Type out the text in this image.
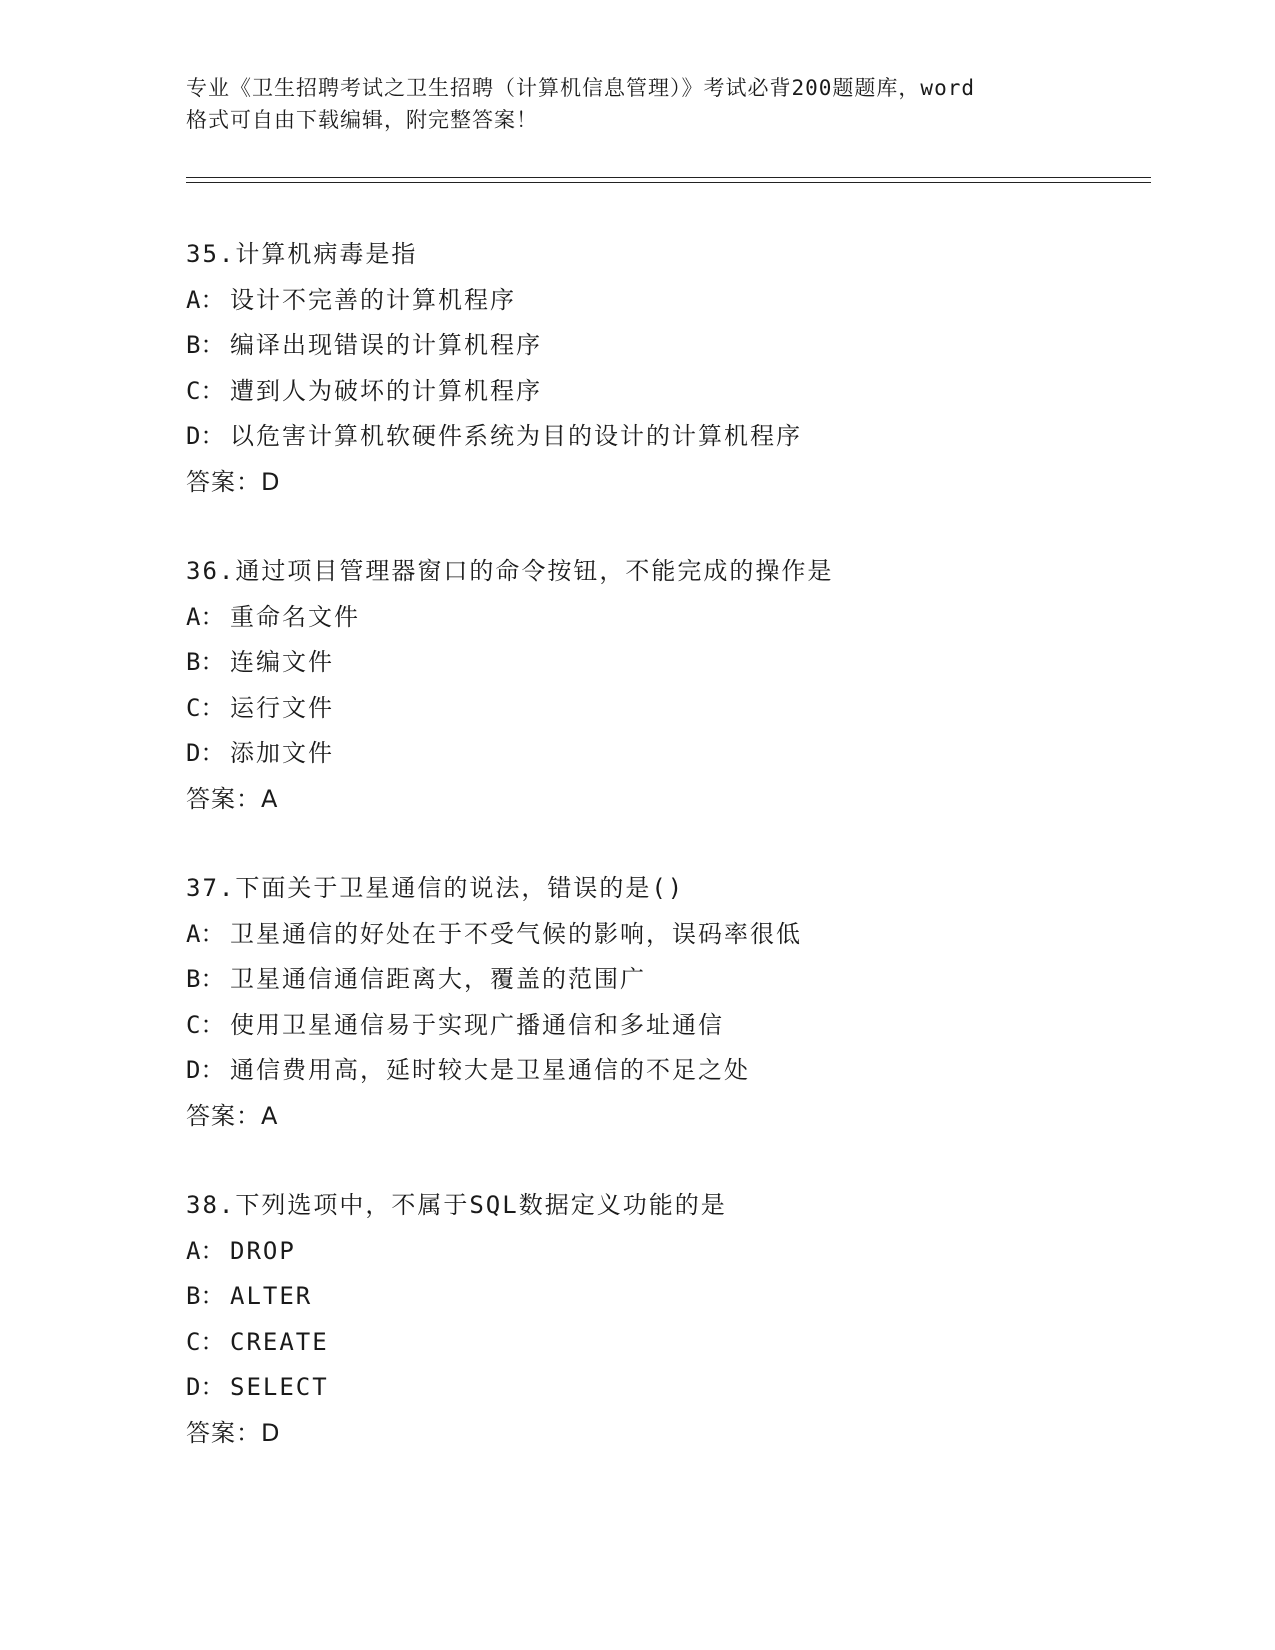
专业《卫生招聘考试之卫生招聘（计算机信息管理）》考试必背200题题库，word
格式可自由下载编辑，附完整答案！
35.计算机病毒是指
A： 设计不完善的计算机程序
B： 编译出现错误的计算机程序
C： 遭到人为破坏的计算机程序
D： 以危害计算机软硬件系统为目的设计的计算机程序
答案：D
36.通过项目管理器窗口的命令按钮，不能完成的操作是
A： 重命名文件
B： 连编文件
C： 运行文件
D： 添加文件
答案：A
37.下面关于卫星通信的说法，错误的是()
A： 卫星通信的好处在于不受气候的影响，误码率很低
B： 卫星通信通信距离大，覆盖的范围广
C： 使用卫星通信易于实现广播通信和多址通信
D： 通信费用高，延时较大是卫星通信的不足之处
答案：A
38.下列选项中，不属于SQL数据定义功能的是
A： DROP
B： ALTER
C： CREATE
D： SELECT
答案：D
